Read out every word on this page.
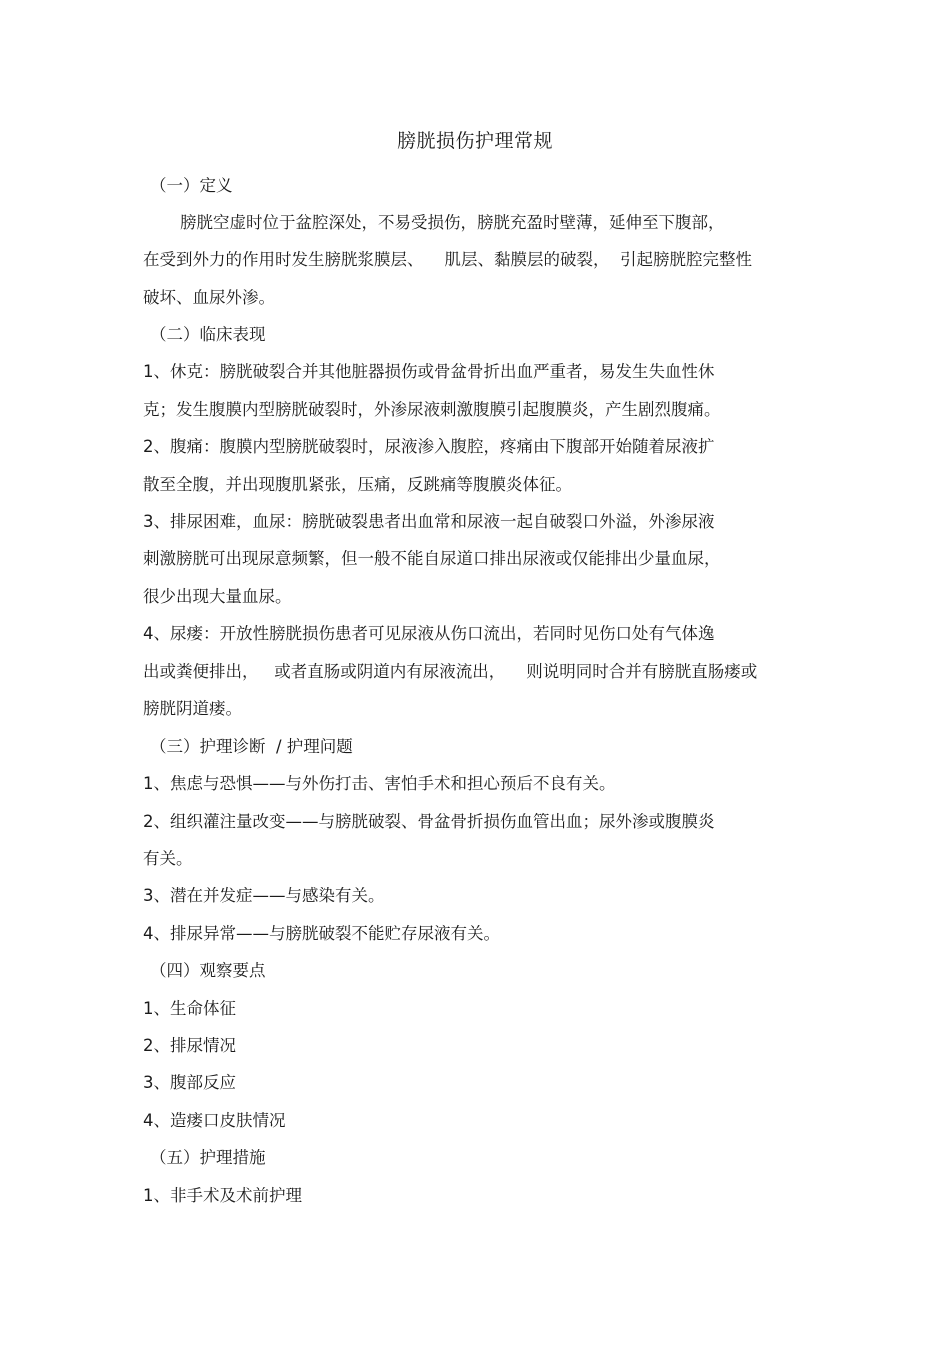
膀胱损伤护理常规
（一）定义
膀胱空虚时位于盆腔深处，不易受损伤，膀胱充盈时壁薄，延伸至下腹部，
在受到外力的作用时发生膀胱浆膜层、    肌层、黏膜层的破裂，  引起膀胱腔完整性
破坏、血尿外渗。
（二）临床表现
1、休克：膀胱破裂合并其他脏器损伤或骨盆骨折出血严重者，易发生失血性休
克；发生腹膜内型膀胱破裂时，外渗尿液刺激腹膜引起腹膜炎，产生剧烈腹痛。
2、腹痛：腹膜内型膀胱破裂时，尿液渗入腹腔，疼痛由下腹部开始随着尿液扩
散至全腹，并出现腹肌紧张，压痛，反跳痛等腹膜炎体征。
3、排尿困难，血尿：膀胱破裂患者出血常和尿液一起自破裂口外溢，外渗尿液
刺激膀胱可出现尿意频繁，但一般不能自尿道口排出尿液或仅能排出少量血尿，
很少出现大量血尿。
4、尿瘘：开放性膀胱损伤患者可见尿液从伤口流出，若同时见伤口处有气体逸
出或粪便排出，   或者直肠或阴道内有尿液流出，    则说明同时合并有膀胱直肠瘘或
膀胱阴道瘘。
（三）护理诊断  / 护理问题
1、焦虑与恐惧——与外伤打击、害怕手术和担心预后不良有关。
2、组织灌注量改变——与膀胱破裂、骨盆骨折损伤血管出血；尿外渗或腹膜炎
有关。
3、潜在并发症——与感染有关。
4、排尿异常——与膀胱破裂不能贮存尿液有关。
（四）观察要点
1、生命体征
2、排尿情况
3、腹部反应
4、造瘘口皮肤情况
（五）护理措施
1、非手术及术前护理
